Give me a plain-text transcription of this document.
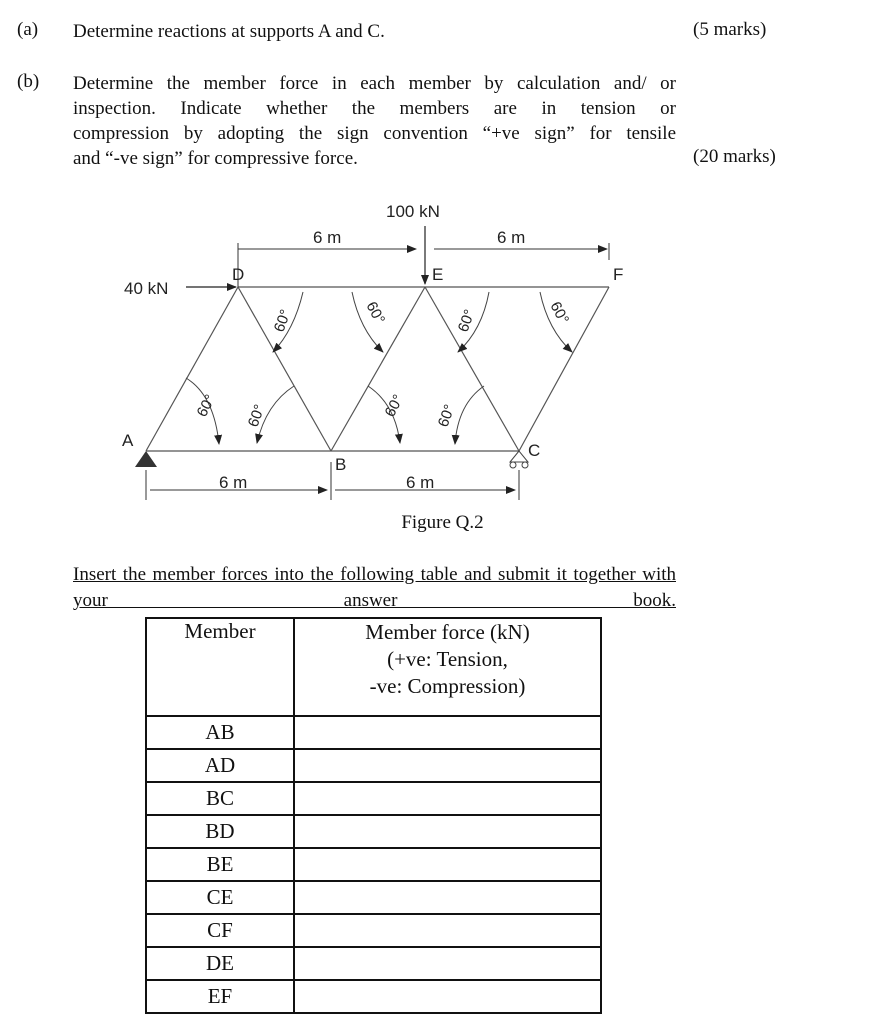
(a) Determine reactions at supports A and C.	(5 marks)
(b) Determine the member force in each member by calculation and/ or
inspection. Indicate whether the members are in tension or
compression by adopting the sign convention “+ve sign” for tensile
and “-ve sign” for compressive force.	(20 marks)
60° 60°	60° 60°
60°	60°	60°	60°
100 kN
40 kN
6 m	6 m
6 m	6 m
A
B
C
D	E	F
Figure Q.2
Insert the member forces into the following table and submit it together with your answer book.
Member	Member force (kN)
(+ve: Tension,
-ve: Compression)

AB	
AD	
BC	
BD	
BE	
CE	
CF	
DE	
EF	
